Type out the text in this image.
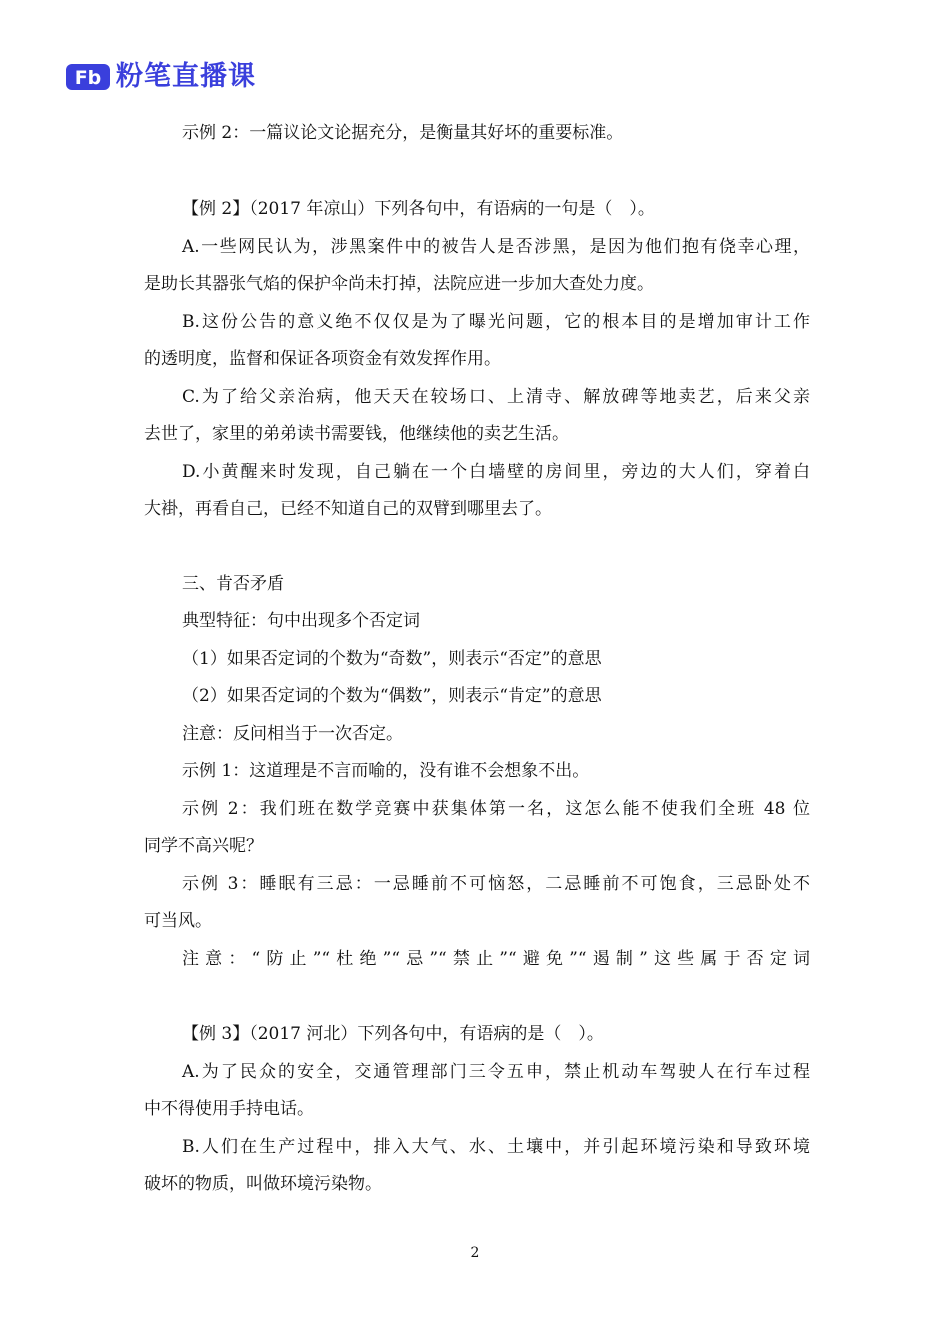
Fb 粉笔直播课
示例 2：一篇议论文论据充分，是衡量其好坏的重要标准。
【例 2】（2017 年凉山）下列各句中，有语病的一句是（　）。
A.一些网民认为，涉黑案件中的被告人是否涉黑，是因为他们抱有侥幸心理，
是助长其器张气焰的保护伞尚未打掉，法院应进一步加大查处力度。
B.这份公告的意义绝不仅仅是为了曝光问题，它的根本目的是增加审计工作
的透明度，监督和保证各项资金有效发挥作用。
C.为了给父亲治病，他天天在较场口、上清寺、解放碑等地卖艺，后来父亲
去世了，家里的弟弟读书需要钱，他继续他的卖艺生活。
D.小黄醒来时发现，自己躺在一个白墙壁的房间里，旁边的大人们，穿着白
大褂，再看自己，已经不知道自己的双臂到哪里去了。
三、肯否矛盾
典型特征：句中出现多个否定词
（1）如果否定词的个数为“奇数”，则表示“否定”的意思
（2）如果否定词的个数为“偶数”，则表示“肯定”的意思
注意：反问相当于一次否定。
示例 1：这道理是不言而喻的，没有谁不会想象不出。
示例 2：我们班在数学竞赛中获集体第一名，这怎么能不使我们全班 48 位
同学不高兴呢？
示例 3：睡眠有三忌：一忌睡前不可恼怒，二忌睡前不可饱食，三忌卧处不
可当风。
注意：“防止”“杜绝”“忌”“禁止”“避免”“遏制”这些属于否定词
【例 3】（2017 河北）下列各句中，有语病的是（　）。
A.为了民众的安全，交通管理部门三令五申，禁止机动车驾驶人在行车过程
中不得使用手持电话。
B.人们在生产过程中，排入大气、水、土壤中，并引起环境污染和导致环境
破坏的物质，叫做环境污染物。
2
